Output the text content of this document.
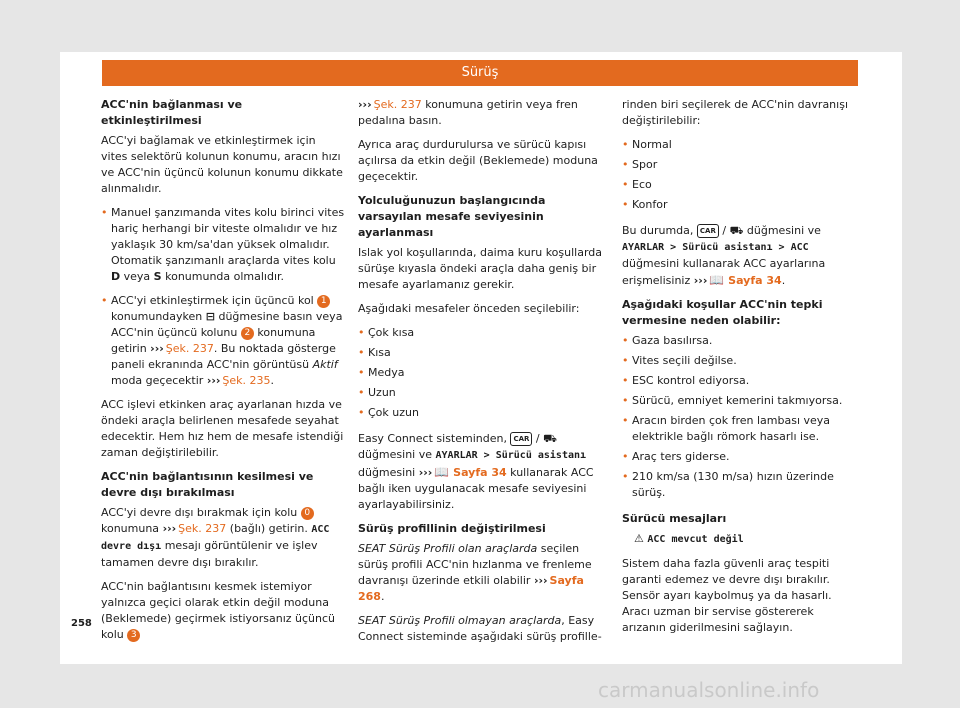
Sürüş

ACC'nin bağlanması ve etkinleştirilmesi

ACC'yi bağlamak ve etkinleştirmek için vites selektörü kolunun konumu, aracın hızı ve ACC'nin üçüncü kolunun konumu dikkate alınmalıdır.

• Manuel şanzımanda vites kolu birinci vites hariç herhangi bir viteste olmalıdır ve hız yaklaşık 30 km/sa'dan yüksek olmalıdır. Otomatik şanzımanlı araçlarda vites kolu D veya S konumunda olmalıdır.

• ACC'yi etkinleştirmek için üçüncü kol 1 konumundayken ⊟ düğmesine basın veya ACC'nin üçüncü kolunu 2 konumuna getirin ››› Şek. 237. Bu noktada gösterge paneli ekranında ACC'nin görüntüsü Aktif moda geçecektir ››› Şek. 235.

ACC işlevi etkinken araç ayarlanan hızda ve öndeki araçla belirlenen mesafede seyahat edecektir. Hem hız hem de mesafe istendiği zaman değiştirilebilir.

ACC'nin bağlantısının kesilmesi ve devre dışı bırakılması

ACC'yi devre dışı bırakmak için kolu 0 konumuna ››› Şek. 237 (bağlı) getirin. ACC devre dışı mesajı görüntülenir ve işlev tamamen devre dışı bırakılır.

ACC'nin bağlantısını kesmek istemiyor yalnızca geçici olarak etkin değil moduna (Beklemede) geçirmek istiyorsanız üçüncü kolu 3

››› Şek. 237 konumuna getirin veya fren pedalına basın.

Ayrıca araç durdurulursa ve sürücü kapısı açılırsa da etkin değil (Beklemede) moduna geçecektir.

Yolculuğunuzun başlangıcında varsayılan mesafe seviyesinin ayarlanması

Islak yol koşullarında, daima kuru koşullarda sürüşe kıyasla öndeki araçla daha geniş bir mesafe ayarlamanız gerekir.

Aşağıdaki mesafeler önceden seçilebilir:

• Çok kısa
• Kısa
• Medya
• Uzun
• Çok uzun

Easy Connect sisteminden, CAR / ⛟ düğmesini ve AYARLAR > Sürücü asistanı düğmesini ››› 📖 Sayfa 34 kullanarak ACC bağlı iken uygulanacak mesafe seviyesini ayarlayabilirsiniz.

Sürüş profillinin değiştirilmesi

SEAT Sürüş Profili olan araçlarda seçilen sürüş profili ACC'nin hızlanma ve frenleme davranışı üzerinde etkili olabilir ››› Sayfa 268.

SEAT Sürüş Profili olmayan araçlarda, Easy Connect sisteminde aşağıdaki sürüş profille-

rinden biri seçilerek de ACC'nin davranışı değiştirilebilir:

• Normal
• Spor
• Eco
• Konfor

Bu durumda, CAR / ⛟ düğmesini ve AYARLAR > Sürücü asistanı > ACC düğmesini kullanarak ACC ayarlarına erişmelisiniz ››› 📖 Sayfa 34.

Aşağıdaki koşullar ACC'nin tepki vermesine neden olabilir:

• Gaza basılırsa.
• Vites seçili değilse.
• ESC kontrol ediyorsa.
• Sürücü, emniyet kemerini takmıyorsa.
• Aracın birden çok fren lambası veya elektrikle bağlı römork hasarlı ise.
• Araç ters giderse.
• 210 km/sa (130 m/sa) hızın üzerinde sürüş.

Sürücü mesajları

⚠ ACC mevcut değil

Sistem daha fazla güvenli araç tespiti garanti edemez ve devre dışı bırakılır. Sensör ayarı kaybolmuş ya da hasarlı. Aracı uzman bir servise göstererek arızanın giderilmesini sağlayın.

258
carmanualsonline.info
